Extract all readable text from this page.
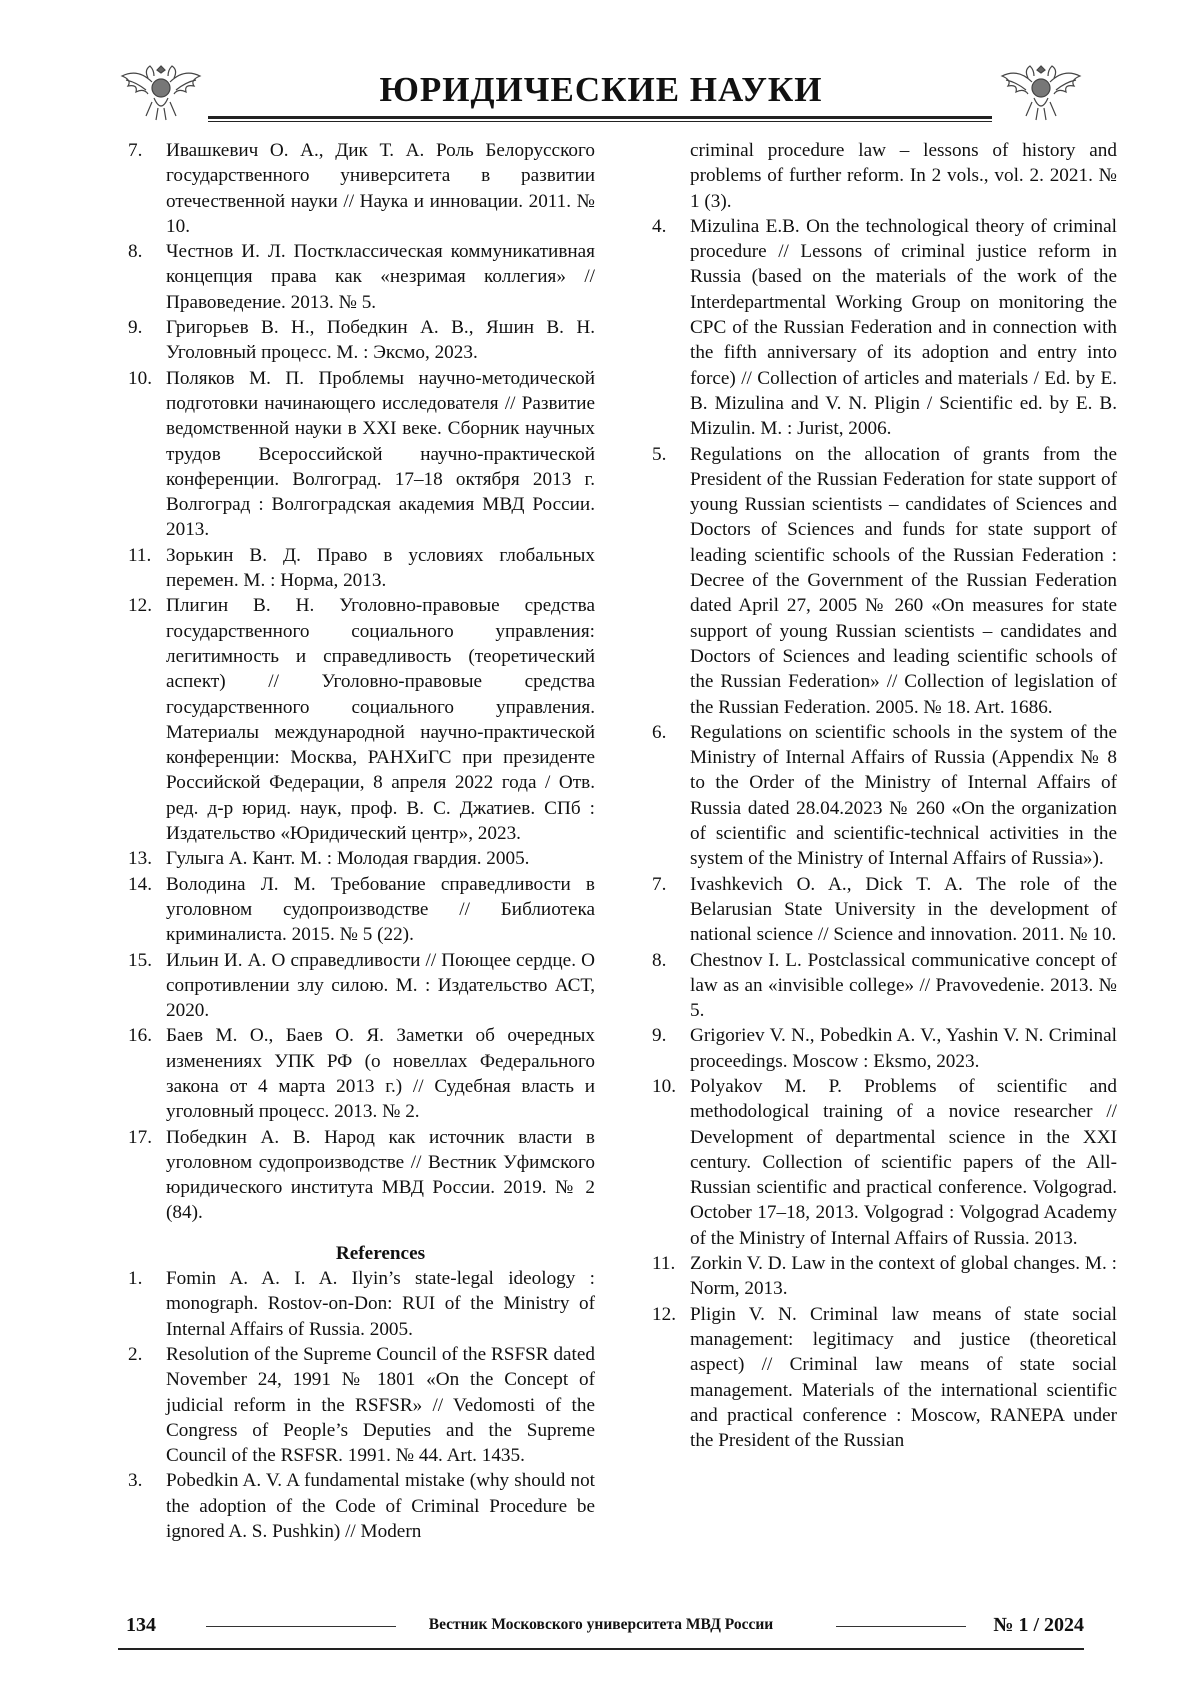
ЮРИДИЧЕСКИЕ НАУКИ
7.	Ивашкевич О. А., Дик Т. А. Роль Белорусского государственного университета в развитии отечественной науки // Наука и инновации. 2011. № 10.
8.	Честнов И. Л. Постклассическая коммуникативная концепция права как «незримая коллегия» // Правоведение. 2013. № 5.
9.	Григорьев В. Н., Победкин А. В., Яшин В. Н. Уголовный процесс. М. : Эксмо, 2023.
10. Поляков М. П. Проблемы научно-методической подготовки начинающего исследователя // Развитие ведомственной науки в XXI веке. Сборник научных трудов Всероссийской научно-практической конференции. Волгоград. 17–18 октября 2013 г. Волгоград : Волгоградская академия МВД России. 2013.
11. Зорькин В. Д. Право в условиях глобальных перемен. М. : Норма, 2013.
12. Плигин В. Н. Уголовно-правовые средства государственного социального управления: легитимность и справедливость (теоретический аспект) // Уголовно-правовые средства государственного социального управления. Материалы международной научно-практической конференции: Москва, РАНХиГС при президенте Российской Федерации, 8 апреля 2022 года / Отв. ред. д-р юрид. наук, проф. В. С. Джатиев. СПб : Издательство «Юридический центр», 2023.
13. Гулыга А. Кант. М. : Молодая гвардия. 2005.
14. Володина Л. М. Требование справедливости в уголовном судопроизводстве // Библиотека криминалиста. 2015. № 5 (22).
15. Ильин И. А. О справедливости // Поющее сердце. О сопротивлении злу силою. М. : Издательство АСТ, 2020.
16. Баев М. О., Баев О. Я. Заметки об очередных изменениях УПК РФ (о новеллах Федерального закона от 4 марта 2013 г.) // Судебная власть и уголовный процесс. 2013. № 2.
17. Победкин А. В. Народ как источник власти в уголовном судопроизводстве // Вестник Уфимского юридического института МВД России. 2019. № 2 (84).
References
1.	Fomin A. A. I. A. Ilyin’s state-legal ideology : monograph. Rostov-on-Don: RUI of the Ministry of Internal Affairs of Russia. 2005.
2.	Resolution of the Supreme Council of the RSFSR dated November 24, 1991 № 1801 «On the Concept of judicial reform in the RSFSR» // Vedomosti of the Congress of People’s Deputies and the Supreme Council of the RSFSR. 1991. № 44. Art. 1435.
3.	Pobedkin A. V. A fundamental mistake (why should not the adoption of the Code of Criminal Procedure be ignored A. S. Pushkin) // Modern
criminal procedure law – lessons of history and problems of further reform. In 2 vols., vol. 2. 2021. № 1 (3).
4.	Mizulina E.B. On the technological theory of criminal procedure // Lessons of criminal justice reform in Russia (based on the materials of the work of the Interdepartmental Working Group on monitoring the CPC of the Russian Federation and in connection with the fifth anniversary of its adoption and entry into force) // Collection of articles and materials / Ed. by E. B. Mizulina and V. N. Pligin / Scientific ed. by E. B. Mizulin. M. : Jurist, 2006.
5.	Regulations on the allocation of grants from the President of the Russian Federation for state support of young Russian scientists – candidates of Sciences and Doctors of Sciences and funds for state support of leading scientific schools of the Russian Federation : Decree of the Government of the Russian Federation dated April 27, 2005 № 260 «On measures for state support of young Russian scientists – candidates and Doctors of Sciences and leading scientific schools of the Russian Federation» // Collection of legislation of the Russian Federation. 2005. № 18. Art. 1686.
6.	Regulations on scientific schools in the system of the Ministry of Internal Affairs of Russia (Appendix № 8 to the Order of the Ministry of Internal Affairs of Russia dated 28.04.2023 № 260 «On the organization of scientific and scientific-technical activities in the system of the Ministry of Internal Affairs of Russia»).
7.	Ivashkevich O. A., Dick T. A. The role of the Belarusian State University in the development of national science // Science and innovation. 2011. № 10.
8.	Chestnov I. L. Postclassical communicative concept of law as an «invisible college» // Pravovedenie. 2013. № 5.
9.	Grigoriev V. N., Pobedkin A. V., Yashin V. N. Criminal proceedings. Moscow : Eksmo, 2023.
10. Polyakov M. P. Problems of scientific and methodological training of a novice researcher // Development of departmental science in the XXI century. Collection of scientific papers of the All-Russian scientific and practical conference. Volgograd. October 17–18, 2013. Volgograd : Volgograd Academy of the Ministry of Internal Affairs of Russia. 2013.
11. Zorkin V. D. Law in the context of global changes. M. : Norm, 2013.
12. Pligin V. N. Criminal law means of state social management: legitimacy and justice (theoretical aspect) // Criminal law means of state social management. Materials of the international scientific and practical conference : Moscow, RANEPA under the President of the Russian
134	Вестник Московского университета МВД России	№ 1 / 2024
